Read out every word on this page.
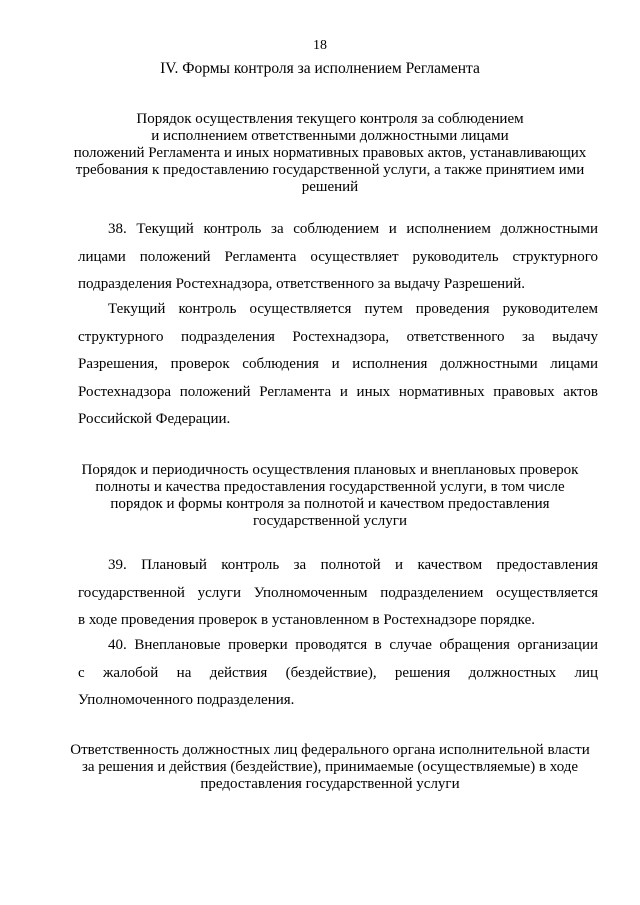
18
IV. Формы контроля за исполнением Регламента
Порядок осуществления текущего контроля за соблюдением
и исполнением ответственными должностными лицами
положений Регламента и иных нормативных правовых актов, устанавливающих
требования к предоставлению государственной услуги, а также принятием ими
решений
38. Текущий контроль за соблюдением и исполнением должностными
лицами положений Регламента осуществляет руководитель структурного
подразделения Ростехнадзора, ответственного за выдачу Разрешений.
Текущий контроль осуществляется путем проведения руководителем
структурного подразделения Ростехнадзора, ответственного за выдачу
Разрешения, проверок соблюдения и исполнения должностными лицами
Ростехнадзора положений Регламента и иных нормативных правовых актов
Российской Федерации.
Порядок и периодичность осуществления плановых и внеплановых проверок
полноты и качества предоставления государственной услуги, в том числе
порядок и формы контроля за полнотой и качеством предоставления
государственной услуги
39. Плановый контроль за полнотой и качеством предоставления
государственной услуги Уполномоченным подразделением осуществляется
в ходе проведения проверок в установленном в Ростехнадзоре порядке.
40. Внеплановые проверки проводятся в случае обращения организации
с жалобой на действия (бездействие), решения должностных лиц
Уполномоченного подразделения.
Ответственность должностных лиц федерального органа исполнительной власти
за решения и действия (бездействие), принимаемые (осуществляемые) в ходе
предоставления государственной услуги
